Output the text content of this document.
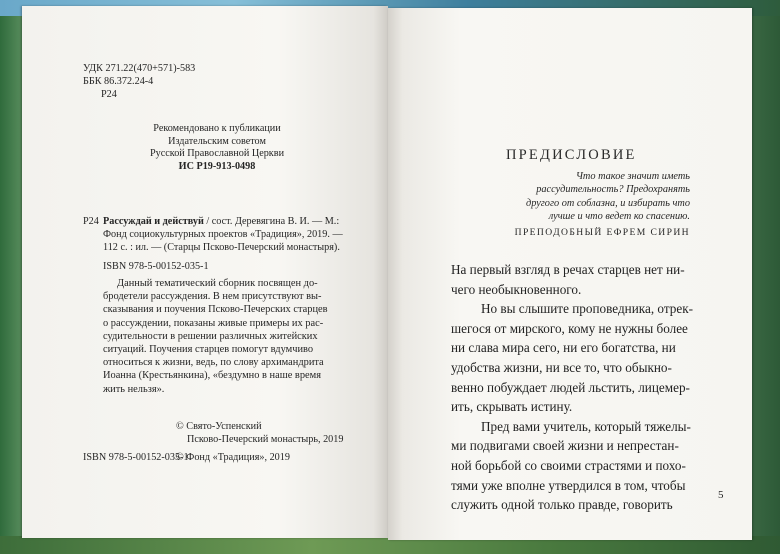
УДК 271.22(470+571)-583
ББК 86.372.24-4
Р24
Рекомендовано к публикации
Издательским советом
Русской Православной Церкви
ИС Р19-913-0498
Р24 Рассуждай и действуй / сост. Деревягина В. И. — М.:
Фонд социокультурных проектов «Традиция», 2019. —
112 с. : ил. — (Старцы Псково-Печерский монастыря).
ISBN 978-5-00152-035-1
Данный тематический сборник посвящен до-
бродетели рассуждения. В нем присутствуют вы-
сказывания и поучения Псково-Печерских старцев
о рассуждении, показаны живые примеры их рас-
судительности в решении различных житейских
ситуаций. Поучения старцев помогут вдумчиво
относиться к жизни, ведь, по слову архимандрита
Иоанна (Крестьянкина), «бездумно в наше время
жить нельзя».
© Свято-Успенский
Псково-Печерский монастырь, 2019
ISBN 978-5-00152-035-1
© Фонд «Традиция», 2019
ПРЕДИСЛОВИЕ
Что такое значит иметь
рассудительность? Предохранять
другого от соблазна, и избирать что
лучше и что ведет ко спасению.
ПРЕПОДОБНЫЙ ЕФРЕМ СИРИН
На первый взгляд в речах старцев нет ни-
чего необыкновенного.
Но вы слышите проповедника, отрек-
шегося от мирского, кому не нужны более
ни слава мира сего, ни его богатства, ни
удобства жизни, ни все то, что обыкно-
венно побуждает людей льстить, лицемер-
ить, скрывать истину.
Пред вами учитель, который тяжелы-
ми подвигами своей жизни и непрестан-
ной борьбой со своими страстями и похо-
тями уже вполне утвердился в том, чтобы
служить одной только правде, говорить
5
